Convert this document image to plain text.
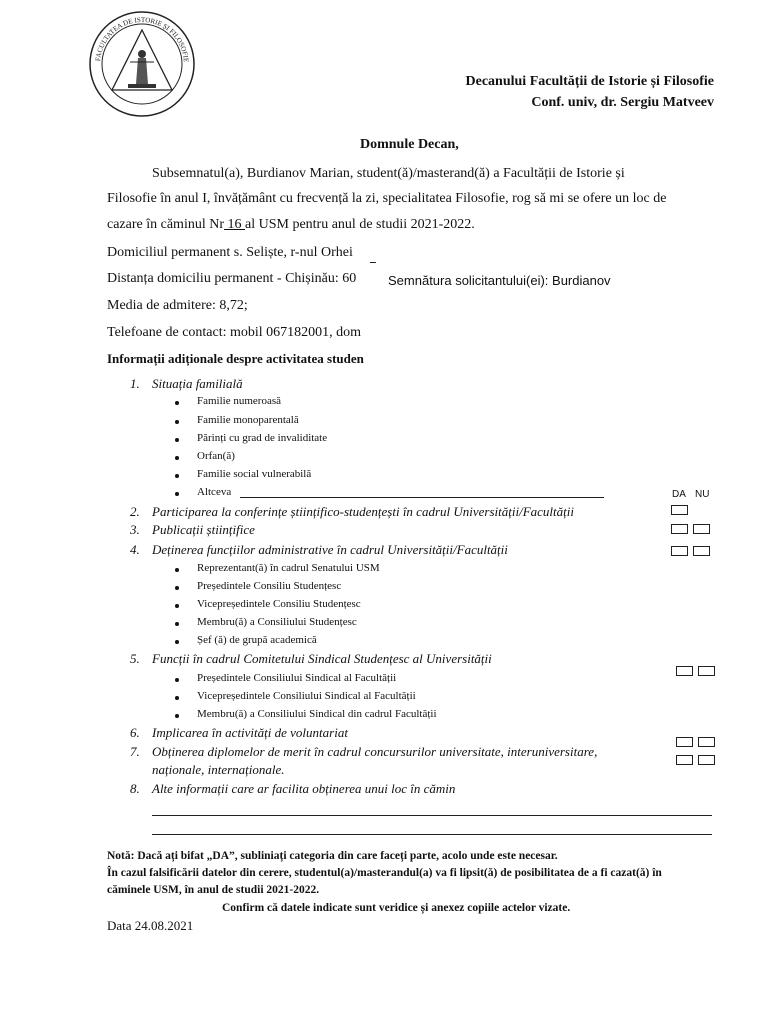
FACULTATEA DE ISTORIE ȘI FILOSOFIE
Decanului Facultății de Istorie și Filosofie
Conf. univ, dr. Sergiu Matveev
Domnule Decan,
Subsemnatul(a), Burdianov Marian, student(ă)/masterand(ă) a Facultății de Istorie și
Filosofie în anul I, învățământ cu frecvență la zi, specialitatea Filosofie, rog să mi se ofere un loc de
cazare în căminul Nr 16 al USM pentru anul de studii 2021-2022.
Domiciliul permanent s. Seliște, r-nul Orhei
Distanța domiciliu permanent - Chișinău: 60 Semnătura solicitantului(ei): Burdianov
Media de admitere: 8,72;
Telefoane de contact: mobil 067182001, dom
Informații adiționale despre activitatea studen
1. Situația familială
Familie numeroasă
Familie monoparentală
Părinți cu grad de invaliditate
Orfan(ă)
Familie social vulnerabilă
Altceva	DA NU
2. Participarea la conferințe științifico-studențești în cadrul Universității/Facultății
3. Publicații științifice
4. Deținerea funcțiilor administrative în cadrul Universității/Facultății
Reprezentant(ă) în cadrul Senatului USM
Președintele Consiliu Studențesc
Vicepreședintele Consiliu Studențesc
Membru(ă) a Consiliului Studențesc
Șef (ă) de grupă academică
5. Funcții în cadrul Comitetului Sindical Studențesc al Universității
Președintele Consiliului Sindical al Facultății
Vicepreședintele Consiliului Sindical al Facultății
Membru(ă) a Consiliului Sindical din cadrul Facultății
6. Implicarea în activități de voluntariat
7. Obținerea diplomelor de merit în cadrul concursurilor universitate, interuniversitare,
naționale, internaționale.
8. Alte informații care ar facilita obținerea unui loc în cămin
Notă: Dacă ați bifat „DA”, subliniați categoria din care faceți parte, acolo unde este necesar.
În cazul falsificării datelor din cerere, studentul(a)/masterandul(a) va fi lipsit(ă) de posibilitatea de a fi cazat(ă) în
căminele USM, în anul de studii 2021-2022.
Confirm că datele indicate sunt veridice și anexez copiile actelor vizate.
Data 24.08.2021
